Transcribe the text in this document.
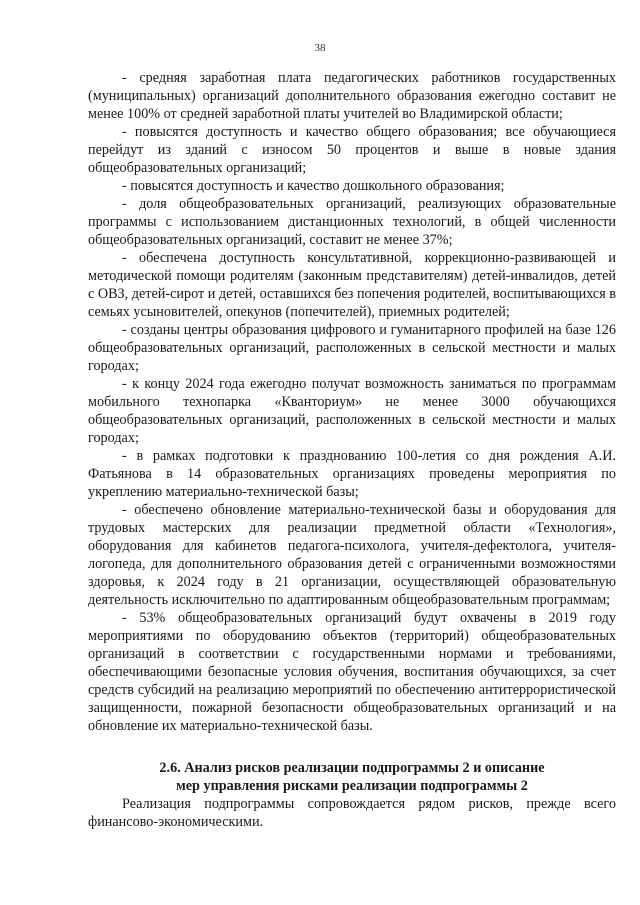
38

- средняя заработная плата педагогических работников государственных (муниципальных) организаций дополнительного образования ежегодно составит не менее 100% от средней заработной платы учителей во Владимирской области;

- повысятся доступность и качество общего образования; все обучающиеся перейдут из зданий с износом 50 процентов и выше в новые здания общеобразовательных организаций;

- повысятся доступность и качество дошкольного образования;

- доля общеобразовательных организаций, реализующих образовательные программы с использованием дистанционных технологий, в общей численности общеобразовательных организаций, составит не менее 37%;

- обеспечена доступность консультативной, коррекционно-развивающей и методической помощи родителям (законным представителям) детей-инвалидов, детей с ОВЗ, детей-сирот и детей, оставшихся без попечения родителей, воспитывающихся в семьях усыновителей, опекунов (попечителей), приемных родителей;

- созданы центры образования цифрового и гуманитарного профилей на базе 126 общеобразовательных организаций, расположенных в сельской местности и малых городах;

- к концу 2024 года ежегодно получат возможность заниматься по программам мобильного технопарка «Кванториум» не менее 3000 обучающихся общеобразовательных организаций, расположенных в сельской местности и малых городах;

- в рамках подготовки к празднованию 100-летия со дня рождения А.И. Фатьянова в 14 образовательных организациях проведены мероприятия по укреплению материально-технической базы;

- обеспечено обновление материально-технической базы и оборудования для трудовых мастерских для реализации предметной области «Технология», оборудования для кабинетов педагога-психолога, учителя-дефектолога, учителя-логопеда, для дополнительного образования детей с ограниченными возможностями здоровья, к 2024 году в 21 организации, осуществляющей образовательную деятельность исключительно по адаптированным общеобразовательным программам;

- 53% общеобразовательных организаций будут охвачены в 2019 году мероприятиями по оборудованию объектов (территорий) общеобразовательных организаций в соответствии с государственными нормами и требованиями, обеспечивающими безопасные условия обучения, воспитания обучающихся, за счет средств субсидий на реализацию мероприятий по обеспечению антитеррористической защищенности, пожарной безопасности общеобразовательных организаций и на обновление их материально-технической базы.

2.6. Анализ рисков реализации подпрограммы 2 и описание
мер управления рисками реализации подпрограммы 2

Реализация подпрограммы сопровождается рядом рисков, прежде всего финансово-экономическими.
